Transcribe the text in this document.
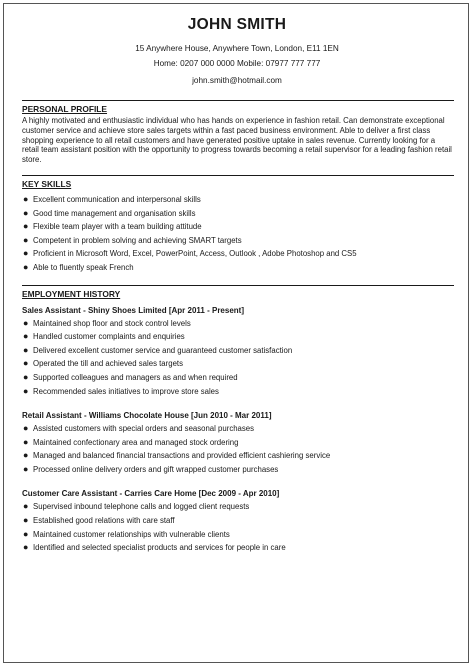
JOHN SMITH
15 Anywhere House, Anywhere Town, London, E11 1EN
Home: 0207 000 0000 Mobile: 07977 777 777
john.smith@hotmail.com
PERSONAL PROFILE
A highly motivated and enthusiastic individual who has hands on experience in fashion retail. Can demonstrate exceptional customer service and achieve store sales targets within a fast paced business environment. Able to deliver a first class shopping experience to all retail customers and have generated positive uptake in sales revenue. Currently looking for a retail team assistant position with the opportunity to progress towards becoming a retail supervisor for a leading fashion retail store.
KEY SKILLS
● Excellent communication and interpersonal skills
● Good time management and organisation skills
● Flexible team player with a team building attitude
● Competent in problem solving and achieving SMART targets
● Proficient in Microsoft Word, Excel, PowerPoint, Access, Outlook , Adobe Photoshop and CS5
● Able to fluently speak French
EMPLOYMENT HISTORY
Sales Assistant - Shiny Shoes Limited [Apr 2011 - Present]
● Maintained shop floor and stock control levels
● Handled customer complaints and enquiries
● Delivered excellent customer service and guaranteed customer satisfaction
● Operated the till and achieved sales targets
● Supported colleagues and managers as and when required
● Recommended sales initiatives to improve store sales
Retail Assistant - Williams Chocolate House [Jun 2010 - Mar 2011]
● Assisted customers with special orders and seasonal purchases
● Maintained confectionary area and managed stock ordering
● Managed and balanced financial transactions and provided efficient cashiering service
● Processed online delivery orders and gift wrapped customer purchases
Customer Care Assistant - Carries Care Home [Dec 2009 - Apr 2010]
● Supervised inbound telephone calls and logged client requests
● Established good relations with care staff
● Maintained customer relationships with vulnerable clients
● Identified and selected specialist products and services for people in care
